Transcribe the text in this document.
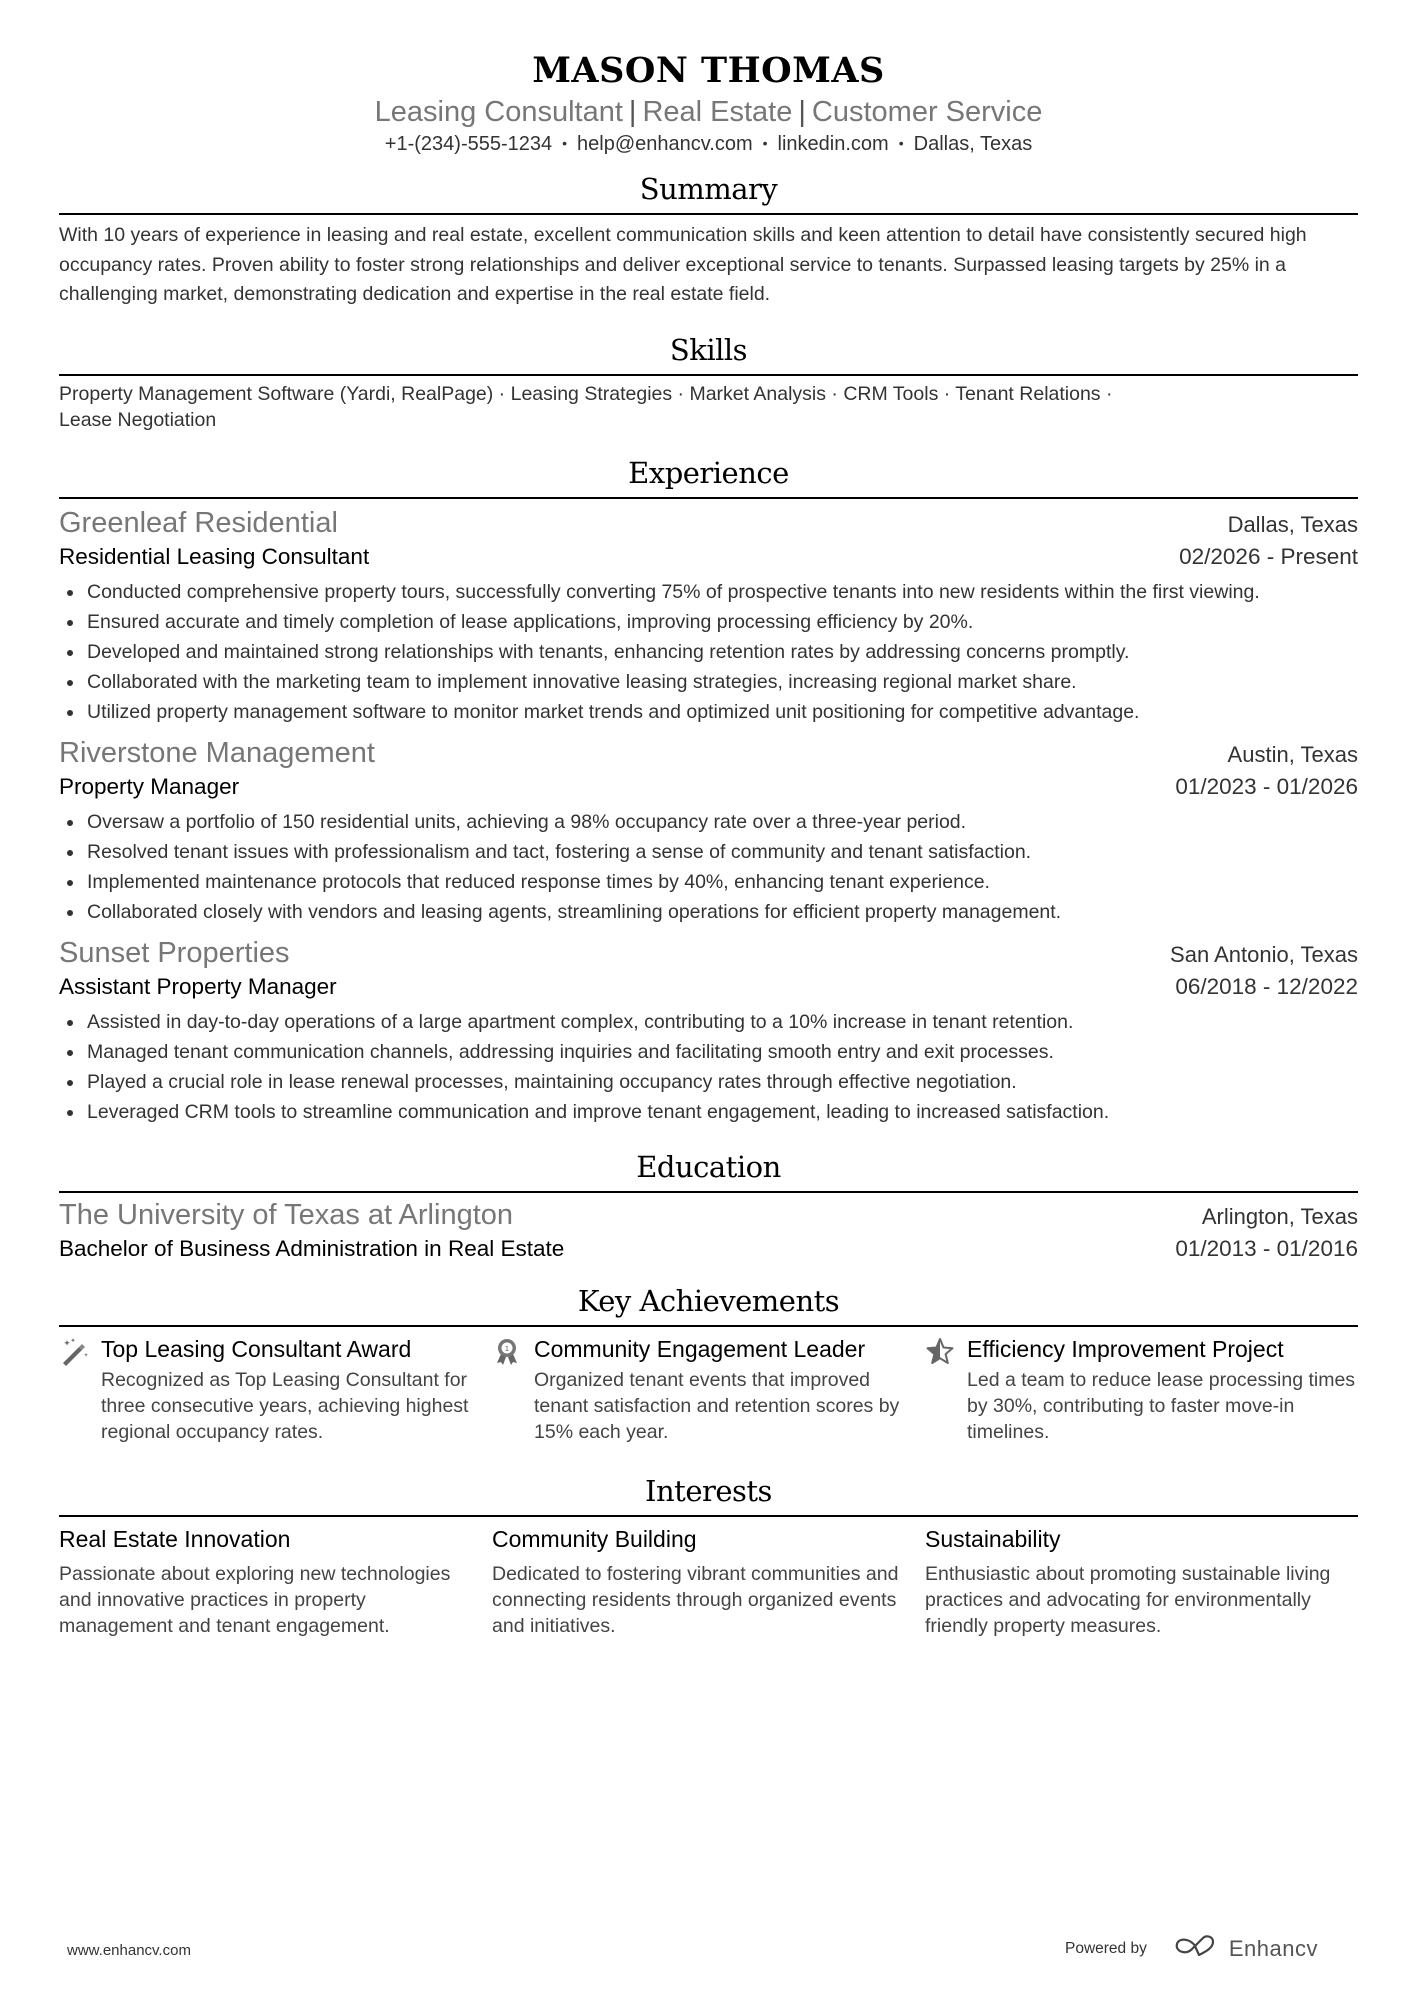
MASON THOMAS
Leasing Consultant | Real Estate | Customer Service
+1-(234)-555-1234 • help@enhancv.com • linkedin.com • Dallas, Texas
Summary
With 10 years of experience in leasing and real estate, excellent communication skills and keen attention to detail have consistently secured high occupancy rates. Proven ability to foster strong relationships and deliver exceptional service to tenants. Surpassed leasing targets by 25% in a challenging market, demonstrating dedication and expertise in the real estate field.
Skills
Property Management Software (Yardi, RealPage) · Leasing Strategies · Market Analysis · CRM Tools · Tenant Relations ·
Lease Negotiation
Experience
Greenleaf Residential	Dallas, Texas
Residential Leasing Consultant	02/2026 - Present
Conducted comprehensive property tours, successfully converting 75% of prospective tenants into new residents within the first viewing.
Ensured accurate and timely completion of lease applications, improving processing efficiency by 20%.
Developed and maintained strong relationships with tenants, enhancing retention rates by addressing concerns promptly.
Collaborated with the marketing team to implement innovative leasing strategies, increasing regional market share.
Utilized property management software to monitor market trends and optimized unit positioning for competitive advantage.
Riverstone Management	Austin, Texas
Property Manager	01/2023 - 01/2026
Oversaw a portfolio of 150 residential units, achieving a 98% occupancy rate over a three-year period.
Resolved tenant issues with professionalism and tact, fostering a sense of community and tenant satisfaction.
Implemented maintenance protocols that reduced response times by 40%, enhancing tenant experience.
Collaborated closely with vendors and leasing agents, streamlining operations for efficient property management.
Sunset Properties	San Antonio, Texas
Assistant Property Manager	06/2018 - 12/2022
Assisted in day-to-day operations of a large apartment complex, contributing to a 10% increase in tenant retention.
Managed tenant communication channels, addressing inquiries and facilitating smooth entry and exit processes.
Played a crucial role in lease renewal processes, maintaining occupancy rates through effective negotiation.
Leveraged CRM tools to streamline communication and improve tenant engagement, leading to increased satisfaction.
Education
The University of Texas at Arlington	Arlington, Texas
Bachelor of Business Administration in Real Estate	01/2013 - 01/2016
Key Achievements
Top Leasing Consultant Award
Recognized as Top Leasing Consultant for three consecutive years, achieving highest regional occupancy rates.
1 Community Engagement Leader
Organized tenant events that improved tenant satisfaction and retention scores by 15% each year.
Efficiency Improvement Project
Led a team to reduce lease processing times by 30%, contributing to faster move-in timelines.
Interests
Real Estate Innovation
Passionate about exploring new technologies and innovative practices in property management and tenant engagement.
Community Building
Dedicated to fostering vibrant communities and connecting residents through organized events and initiatives.
Sustainability
Enthusiastic about promoting sustainable living practices and advocating for environmentally friendly property measures.
www.enhancv.com	Powered by	Enhancv
